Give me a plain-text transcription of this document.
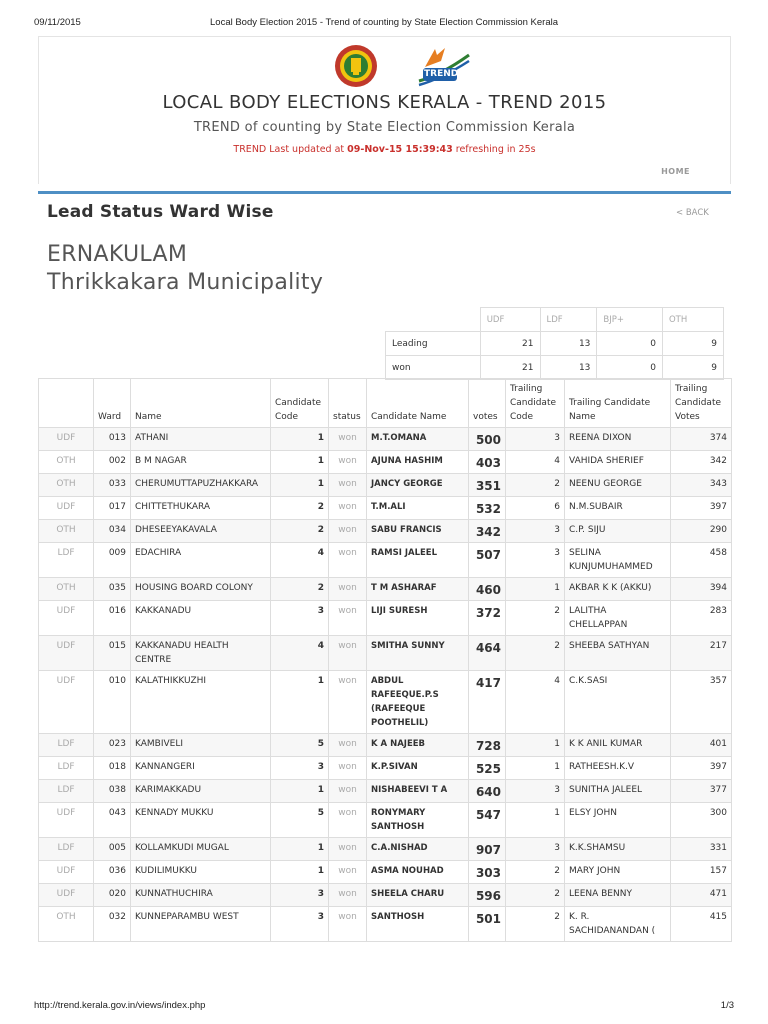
09/11/2015	Local Body Election 2015 - Trend of counting by State Election Commission Kerala
TREND
LOCAL BODY ELECTIONS KERALA - TREND 2015
TREND of counting by State Election Commission Kerala
TREND Last updated at 09-Nov-15 15:39:43 refreshing in 25s
HOME
Lead Status Ward Wise	< BACK
ERNAKULAM
Thrikkakara Municipality
	UDF	LDF	BJP+	OTH
Leading	21	13	0	9
won	21	13	0	9
	Ward	Name	Candidate Code	status	Candidate Name	votes	Trailing Candidate Code	Trailing Candidate Name	Trailing Candidate Votes
UDF	013	ATHANI	1	won	M.T.OMANA	500	3	REENA DIXON	374
OTH	002	B M NAGAR	1	won	AJUNA HASHIM	403	4	VAHIDA SHERIEF	342
OTH	033	CHERUMUTTAPUZHAKKARA	1	won	JANCY GEORGE	351	2	NEENU GEORGE	343
UDF	017	CHITTETHUKARA	2	won	T.M.ALI	532	6	N.M.SUBAIR	397
OTH	034	DHESEEYAKAVALA	2	won	SABU FRANCIS	342	3	C.P. SIJU	290
LDF	009	EDACHIRA	4	won	RAMSI JALEEL	507	3	SELINA KUNJUMUHAMMED	458
OTH	035	HOUSING BOARD COLONY	2	won	T M ASHARAF	460	1	AKBAR K K (AKKU)	394
UDF	016	KAKKANADU	3	won	LIJI SURESH	372	2	LALITHA CHELLAPPAN	283
UDF	015	KAKKANADU HEALTH CENTRE	4	won	SMITHA SUNNY	464	2	SHEEBA SATHYAN	217
UDF	010	KALATHIKKUZHI	1	won	ABDUL RAFEEQUE.P.S (RAFEEQUE POOTHELIL)	417	4	C.K.SASI	357
LDF	023	KAMBIVELI	5	won	K A NAJEEB	728	1	K K ANIL KUMAR	401
LDF	018	KANNANGERI	3	won	K.P.SIVAN	525	1	RATHEESH.K.V	397
LDF	038	KARIMAKKADU	1	won	NISHABEEVI T A	640	3	SUNITHA JALEEL	377
UDF	043	KENNADY MUKKU	5	won	RONYMARY SANTHOSH	547	1	ELSY JOHN	300
LDF	005	KOLLAMKUDI MUGAL	1	won	C.A.NISHAD	907	3	K.K.SHAMSU	331
UDF	036	KUDILIMUKKU	1	won	ASMA NOUHAD	303	2	MARY JOHN	157
UDF	020	KUNNATHUCHIRA	3	won	SHEELA CHARU	596	2	LEENA BENNY	471
OTH	032	KUNNEPARAMBU WEST	3	won	SANTHOSH	501	2	K. R. SACHIDANANDAN (	415
http://trend.kerala.gov.in/views/index.php	1/3
